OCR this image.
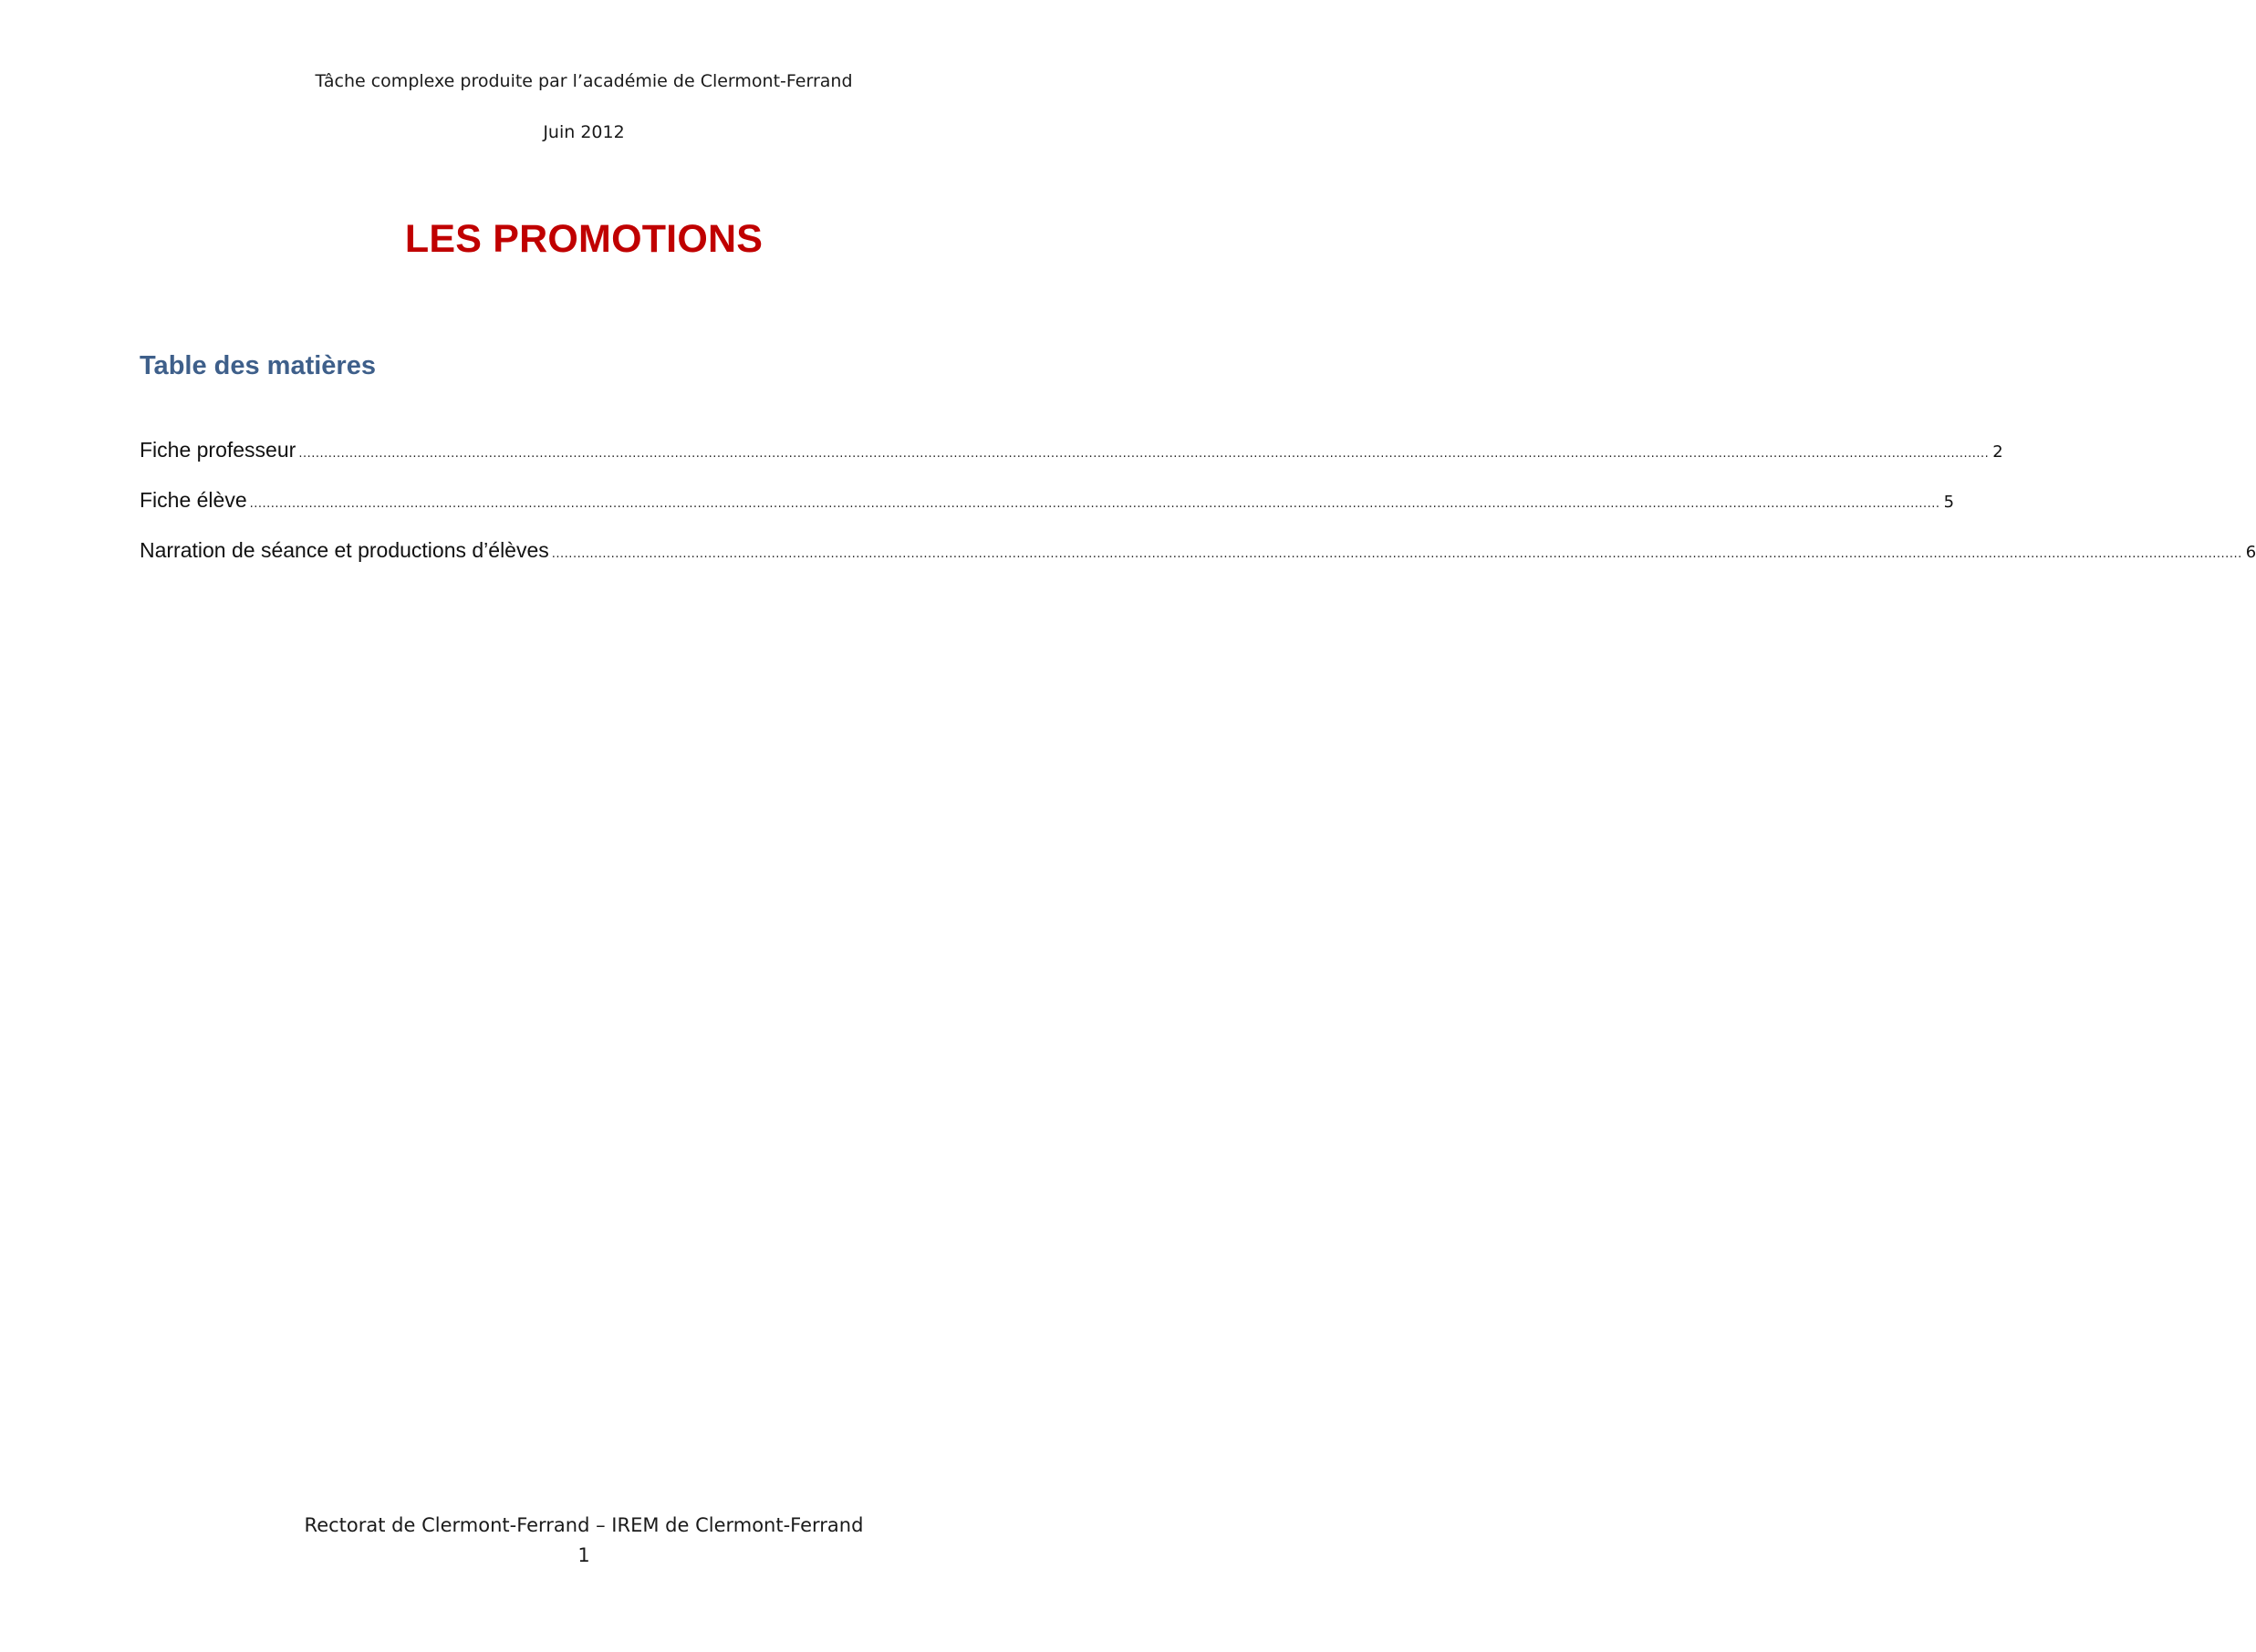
Tâche complexe produite par l’académie de Clermont-Ferrand
Juin 2012
LES PROMOTIONS
Table des matières
Fiche professeur ................................................................................................................................................................................................................................................................................................................................................................................................................ 2
Fiche élève ................................................................................................................................................................................................................................................................................................................................................................................................................ 5
Narration de séance et productions d’élèves ................................................................................................................................................................................................................................................................................................................................................................................................................ 6
Rectorat de Clermont-Ferrand – IREM de Clermont-Ferrand
1
